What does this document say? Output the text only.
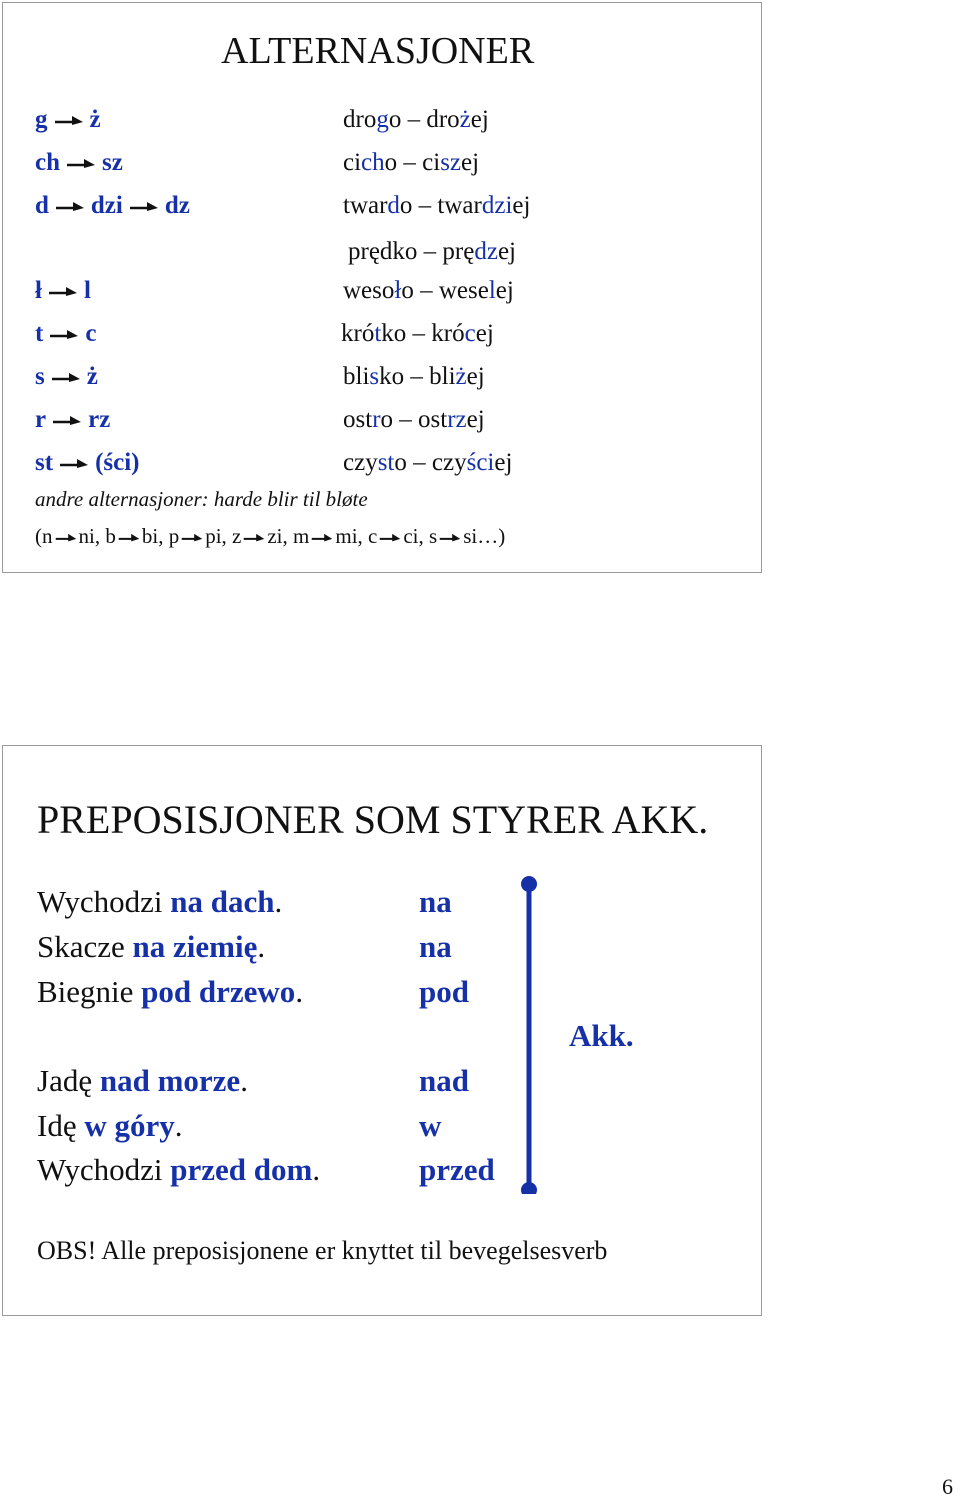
ALTERNASJONER
g ż	drogo – drożej
ch sz	cicho – ciszej
d dzi dz	twardo – twardziej
prędko – prędzej
ł l	wesoło – weselej
t c	krótko – krócej
s ż	blisko – bliżej
r rz	ostro – ostrzej
st (ści)	czysto – czyściej
andre alternasjoner: harde blir til bløte
(n ni, b bi, p pi, z zi, m mi, c ci, s si…)
PREPOSISJONER SOM STYRER AKK.
Wychodzi na dach.	na
Skacze na ziemię.	na
Biegnie pod drzewo.	pod
Jadę nad morze.	nad
Idę w góry.	w
Wychodzi przed dom.	przed
Akk.
OBS! Alle preposisjonene er knyttet til bevegelsesverb
6
